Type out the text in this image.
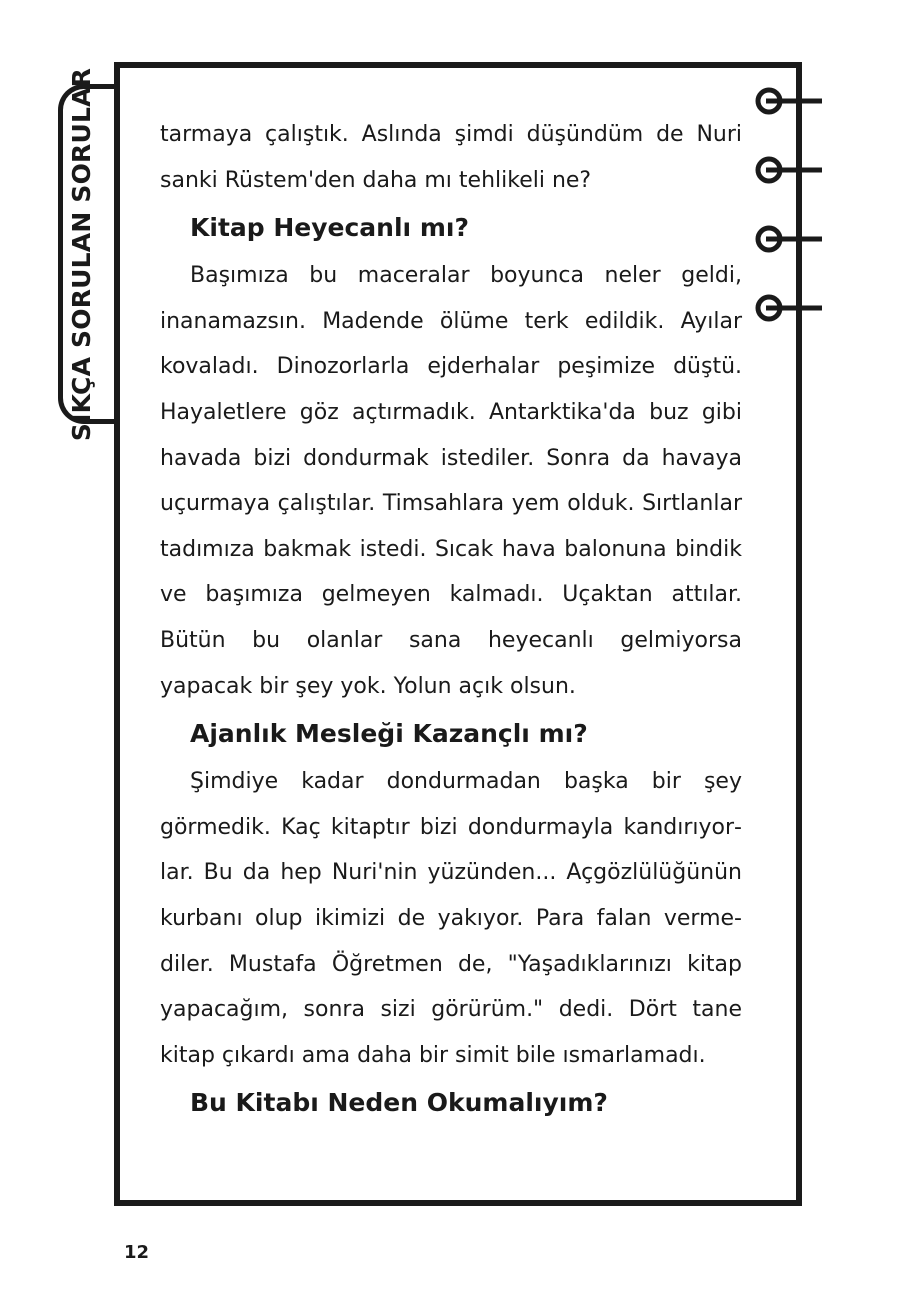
SIKÇA SORULAN SORULAR	tarmaya çalıştık. Aslında şimdi düşündüm de Nuri sanki Rüstem'den daha mı tehlikeli ne?

Kitap Heyecanlı mı?

Başımıza bu maceralar boyunca neler geldi, inanamazsın. Madende ölüme terk edildik. Ayılar kovaladı. Dinozorlarla ejderhalar peşimize düştü. Hayaletlere göz açtırmadık. Antarktika'da buz gibi havada bizi dondurmak istediler. Sonra da havaya uçurmaya çalıştılar. Timsahlara yem olduk. Sırtlanlar tadımıza bakmak istedi. Sıcak hava balonuna bindik ve başımıza gelmeyen kalmadı. Uçaktan attılar. Bütün bu olanlar sana heyecanlı gelmiyorsa yapacak bir şey yok. Yolun açık olsun.

Ajanlık Mesleği Kazançlı mı?

Şimdiye kadar dondurmadan başka bir şey görmedik. Kaç kitaptır bizi dondurmayla kandırıyorlar. Bu da hep Nuri'nin yüzünden... Açgözlülüğünün kurbanı olup ikimizi de yakıyor. Para falan vermediler. Mustafa Öğretmen de, "Yaşadıklarınızı kitap yapacağım, sonra sizi görürüm." dedi. Dört tane kitap çıkardı ama daha bir simit bile ısmarlamadı.

Bu Kitabı Neden Okumalıyım?
12
